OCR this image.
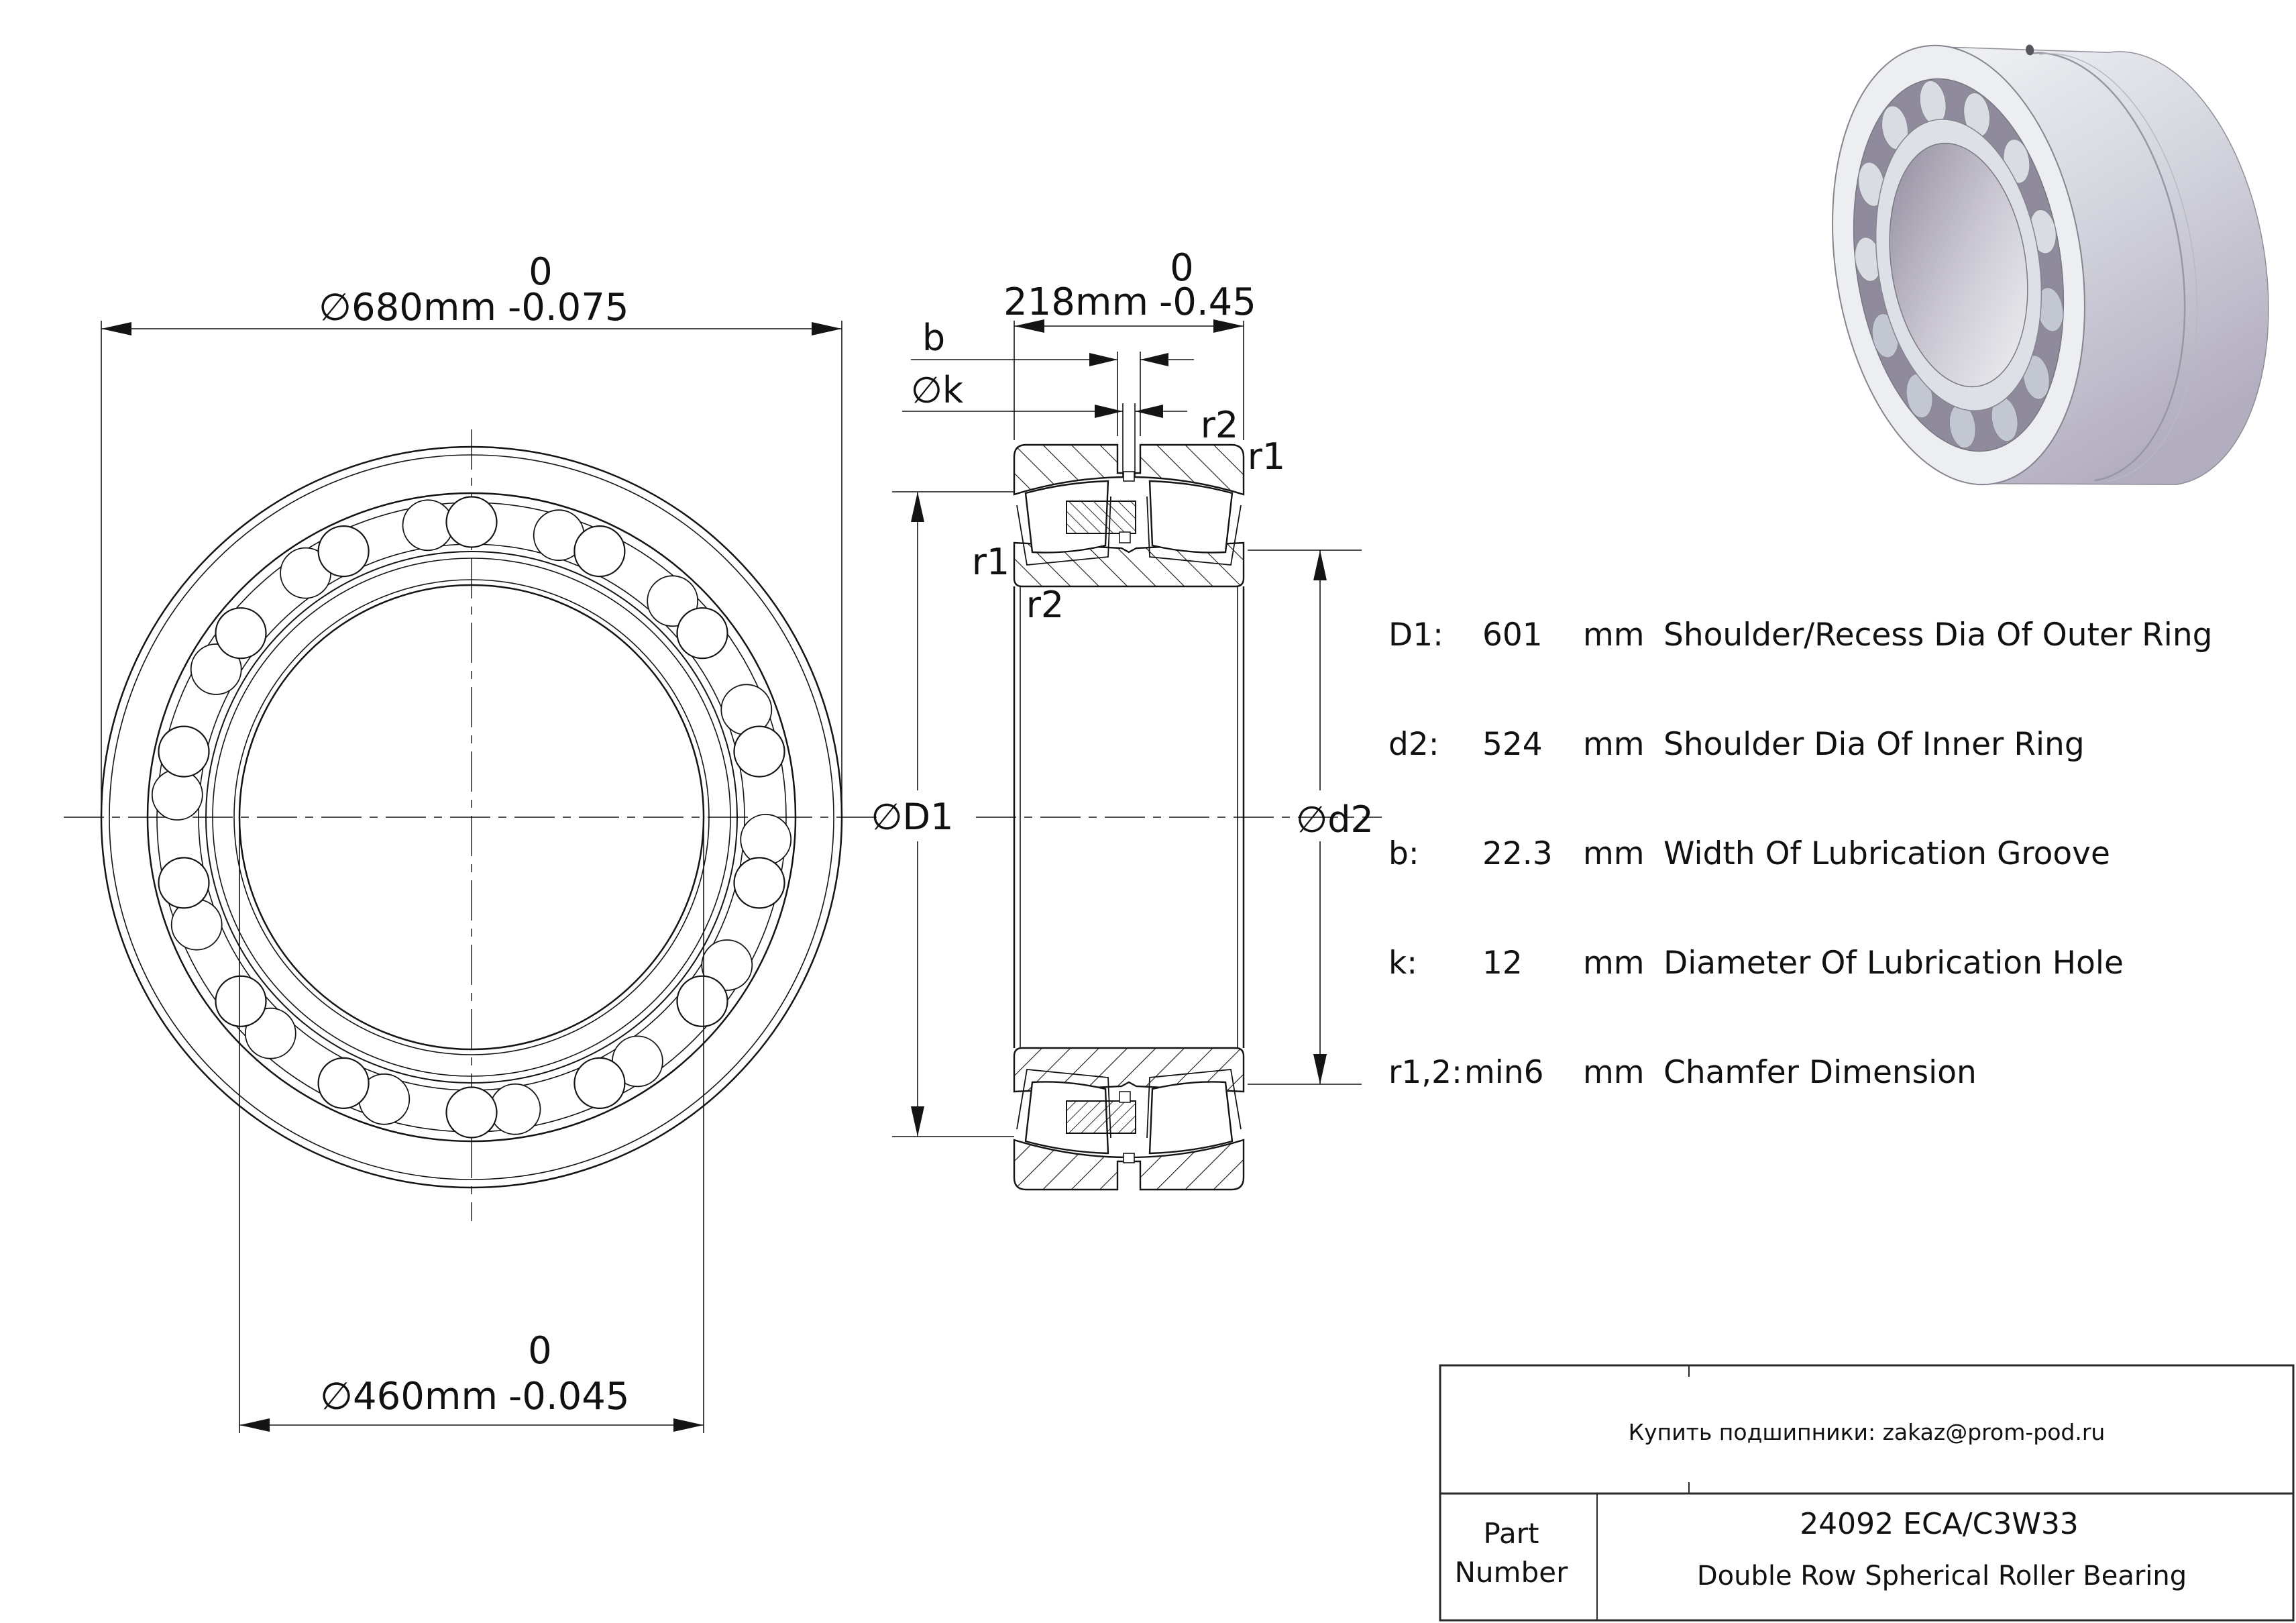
∅680mm -0.075
0
∅460mm -0.045
0
218mm -0.45
0
b
∅k
r2
r1
r1
r2
∅D1	∅d2
D1: 601 mm Shoulder/Recess Dia Of Outer Ring
d2: 524 mm Shoulder Dia Of Inner Ring
b: 22.3 mm Width Of Lubrication Groove
k: 12 mm Diameter Of Lubrication Hole
r1,2: min6 mm Chamfer Dimension
Купить подшипники: zakaz@prom-pod.ru
Part
Number
24092 ECA/C3W33
Double Row Spherical Roller Bearing
